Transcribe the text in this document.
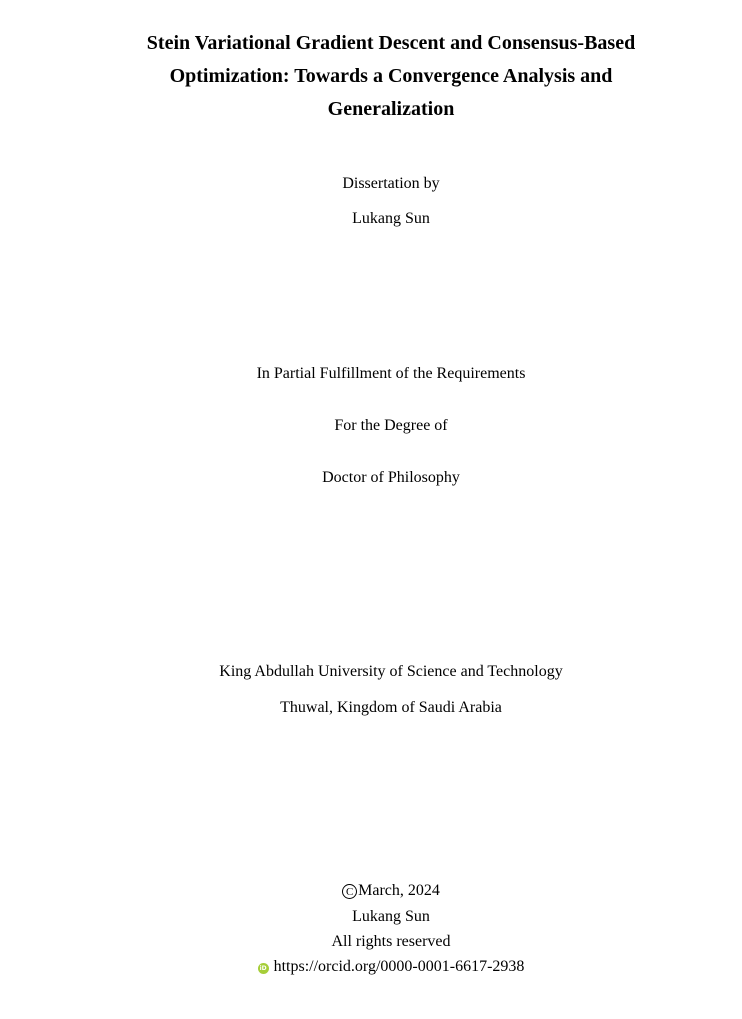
Stein Variational Gradient Descent and Consensus-Based
Optimization: Towards a Convergence Analysis and
Generalization
Dissertation by
Lukang Sun
In Partial Fulfillment of the Requirements
For the Degree of
Doctor of Philosophy
King Abdullah University of Science and Technology
Thuwal, Kingdom of Saudi Arabia
C March, 2024
Lukang Sun
All rights reserved
iD https://orcid.org/0000-0001-6617-2938
